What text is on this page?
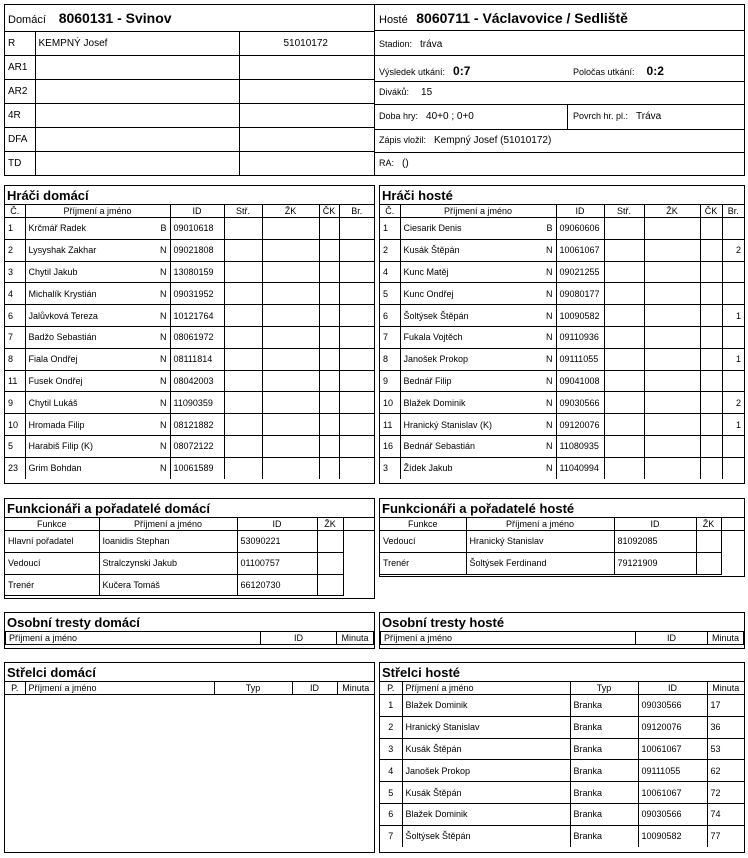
Domácí 8060131 - Svinov		
R	KEMPNÝ Josef	51010172
AR1		
AR2		
4R		
DFA		
TD		
Hosté 8060711 - Václavovice / Sedliště
Stadion: tráva
Výsledek utkání: 0:7	Poločas utkání: 0:2
Diváků: 15
Doba hry: 40+0 ; 0+0	Povrch hr. pl.: Tráva
Zápis vložil: Kempný Josef (51010172)
RA: ()
Hráči domácí
Č.	Příjmení a jméno	ID	Stř.	ŽK	ČK	Br.
1	Krčmář Radek B	09010618				
2	Lysyshak Zakhar N	09021808				
3	Chytil Jakub N	13080159				
4	Michalík Krystián N	09031952				
6	Jalůvková Tereza N	10121764				
7	Badžo Sebastián N	08061972				
8	Fiala Ondřej N	08111814				
11	Fusek Ondřej N	08042003				
9	Chytil Lukáš N	11090359				
10	Hromada Filip N	08121882				
5	Harabiš Filip (K) N	08072122				
23	Grim Bohdan N	10061589				
Hráči hosté
Č.	Příjmení a jméno	ID	Stř.	ŽK	ČK	Br.
1	Ciesarik Denis B	09060606				
2	Kusák Štěpán N	10061067				2
4	Kunc Matěj N	09021255				
5	Kunc Ondřej N	09080177				
6	Šoltýsek Štěpán N	10090582				1
7	Fukala Vojtěch N	09110936				
8	Janošek Prokop N	09111055				1
9	Bednář Filip N	09041008				
10	Blažek Dominik N	09030566				2
11	Hranický Stanislav (K) N	09120076				1
16	Bednář Sebastián N	11080935				
3	Žídek Jakub N	11040994				
Funkcionáři a pořadatelé domácí
Funkce	Příjmení a jméno	ID	ŽK	
Hlavní pořadatel	Ioanidis Stephan	53090221		
Vedoucí	Stralczynski Jakub	01100757		
Trenér	Kučera Tomáš	66120730		
Funkcionáři a pořadatelé hosté
Funkce	Příjmení a jméno	ID	ŽK	
Vedoucí	Hranický Stanislav	81092085		
Trenér	Šoltýsek Ferdinand	79121909		
Osobní tresty domácí
Příjmení a jméno	ID	Minuta
Osobní tresty hosté
Příjmení a jméno	ID	Minuta
Střelci domácí
P.	Příjmení a jméno	Typ	ID	Minuta
Střelci hosté
P.	Příjmení a jméno	Typ	ID	Minuta
1	Blažek Dominik	Branka	09030566	17
2	Hranický Stanislav	Branka	09120076	36
3	Kusák Štěpán	Branka	10061067	53
4	Janošek Prokop	Branka	09111055	62
5	Kusák Štěpán	Branka	10061067	72
6	Blažek Dominik	Branka	09030566	74
7	Šoltýsek Štěpán	Branka	10090582	77
